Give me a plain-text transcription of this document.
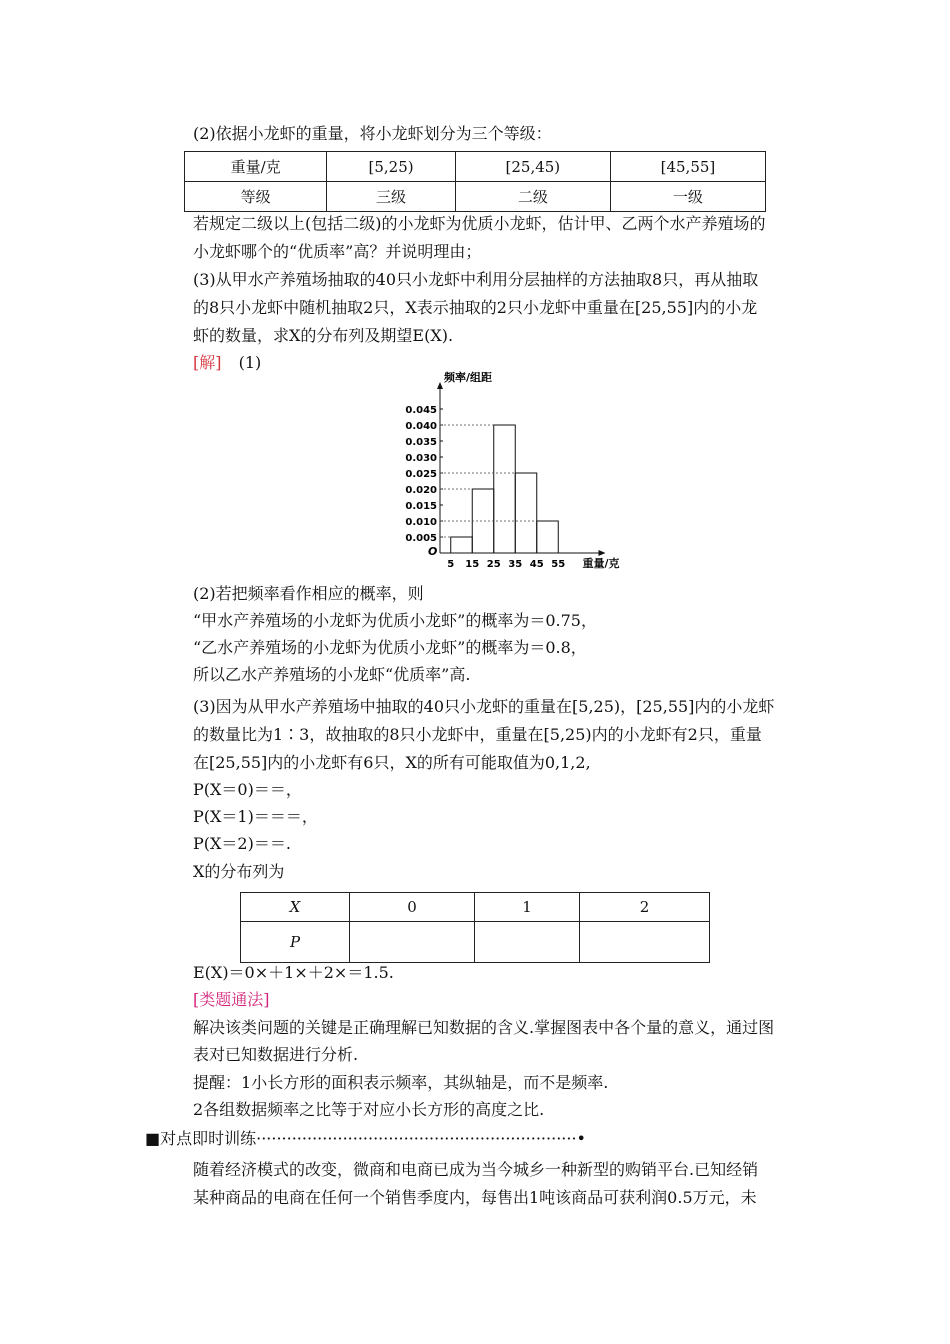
(2)依据小龙虾的重量，将小龙虾划分为三个等级：
重量/克	[5,25)	[25,45)	[45,55]
等级	三级	二级	一级
若规定二级以上(包括二级)的小龙虾为优质小龙虾，估计甲、乙两个水产养殖场的
小龙虾哪个的“优质率”高？并说明理由；
(3)从甲水产养殖场抽取的40只小龙虾中利用分层抽样的方法抽取8只，再从抽取
的8只小龙虾中随机抽取2只，X表示抽取的2只小龙虾中重量在[25,55]内的小龙
虾的数量，求X的分布列及期望E(X).
[解] (1)
频率/组距
重量/克
O
0.005
0.010
0.015
0.020
0.025
0.030
0.035
0.040
0.045
5 15 25 35 45 55
(2)若把频率看作相应的概率，则
“甲水产养殖场的小龙虾为优质小龙虾”的概率为＝0.75，
“乙水产养殖场的小龙虾为优质小龙虾”的概率为＝0.8，
所以乙水产养殖场的小龙虾“优质率”高.
(3)因为从甲水产养殖场中抽取的40只小龙虾的重量在[5,25)，[25,55]内的小龙虾
的数量比为1∶3，故抽取的8只小龙虾中，重量在[5,25)内的小龙虾有2只，重量
在[25,55]内的小龙虾有6只，X的所有可能取值为0,1,2,
P(X＝0)＝＝，
P(X＝1)＝＝＝，
P(X＝2)＝＝.
X的分布列为
X	0	1	2
P			
E(X)＝0×＋1×＋2×＝1.5.
[类题通法]
解决该类问题的关键是正确理解已知数据的含义.掌握图表中各个量的意义，通过图
表对已知数据进行分析.
提醒：1小长方形的面积表示频率，其纵轴是，而不是频率.
2各组数据频率之比等于对应小长方形的高度之比.
■对点即时训练·······························································•
随着经济模式的改变，微商和电商已成为当今城乡一种新型的购销平台.已知经销
某种商品的电商在任何一个销售季度内，每售出1吨该商品可获利润0.5万元，未
